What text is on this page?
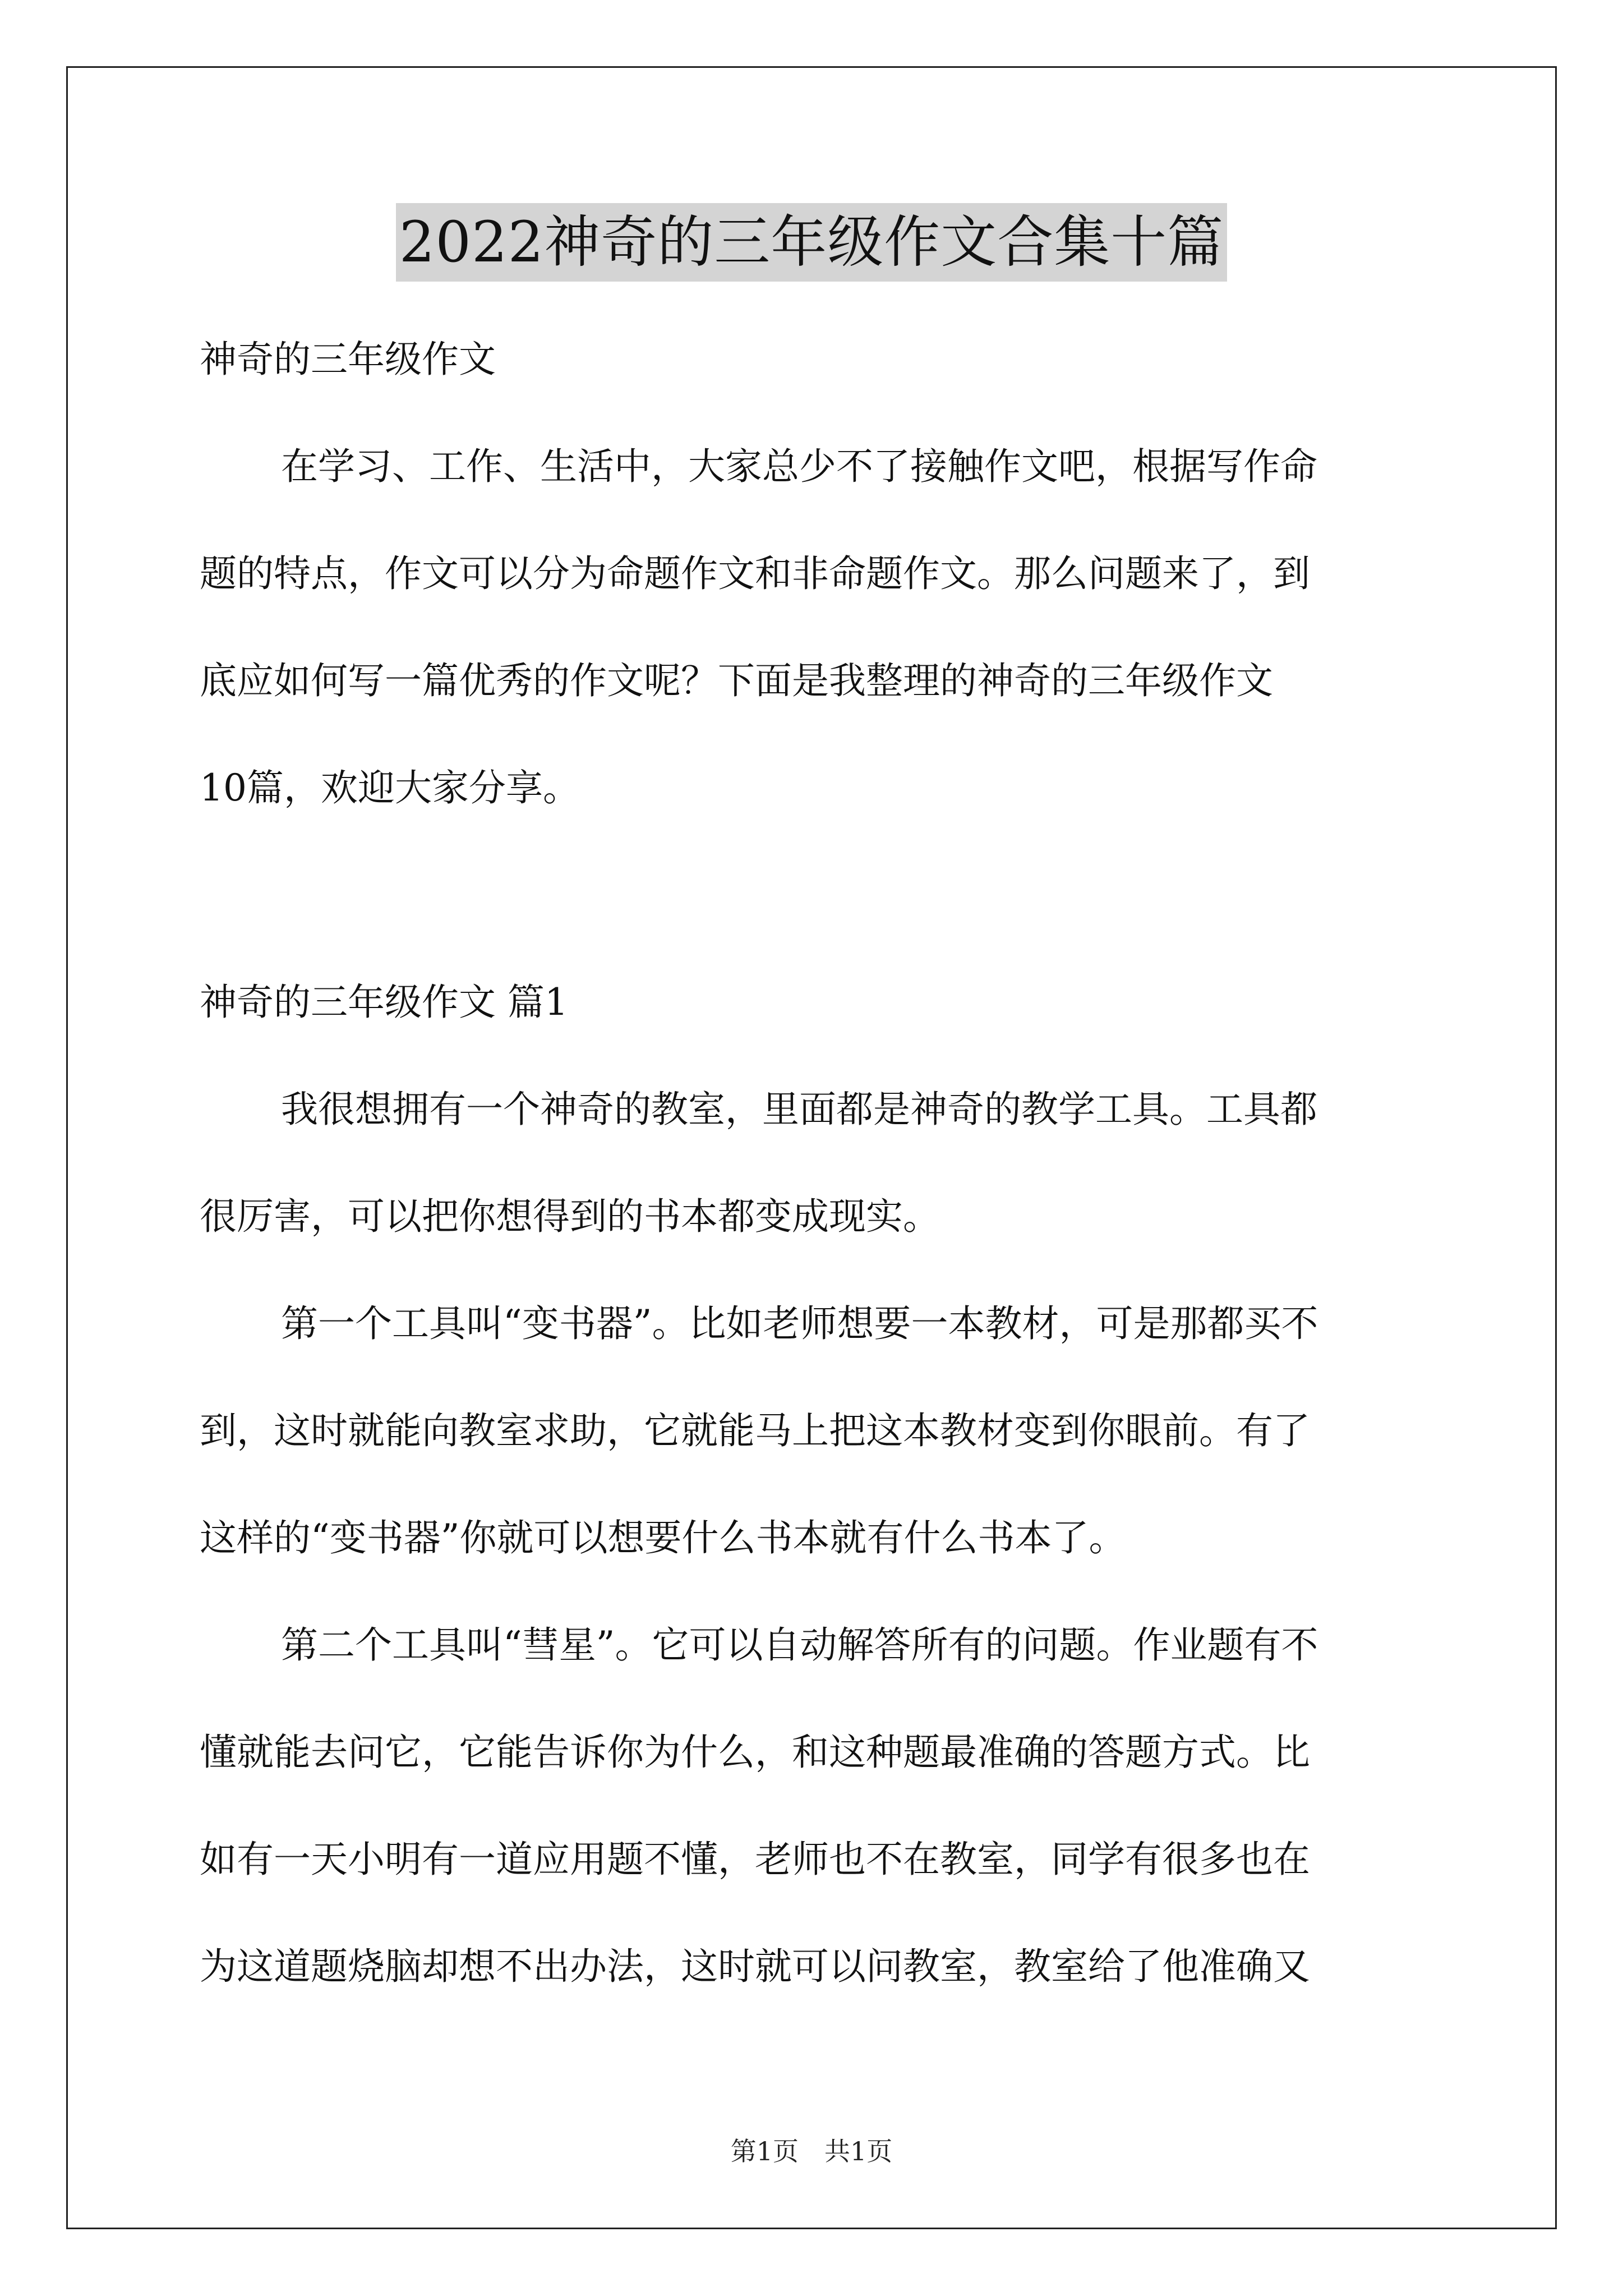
2022神奇的三年级作文合集十篇
神奇的三年级作文
在学习、工作、生活中，大家总少不了接触作文吧，根据写作命
题的特点，作文可以分为命题作文和非命题作文。那么问题来了，到
底应如何写一篇优秀的作文呢？下面是我整理的神奇的三年级作文
10篇，欢迎大家分享。
神奇的三年级作文 篇1
我很想拥有一个神奇的教室，里面都是神奇的教学工具。工具都
很厉害，可以把你想得到的书本都变成现实。
第一个工具叫“变书器”。比如老师想要一本教材，可是那都买不
到，这时就能向教室求助，它就能马上把这本教材变到你眼前。有了
这样的“变书器”你就可以想要什么书本就有什么书本了。
第二个工具叫“彗星”。它可以自动解答所有的问题。作业题有不
懂就能去问它，它能告诉你为什么，和这种题最准确的答题方式。比
如有一天小明有一道应用题不懂，老师也不在教室，同学有很多也在
为这道题烧脑却想不出办法，这时就可以问教室，教室给了他准确又
第1页　共1页
